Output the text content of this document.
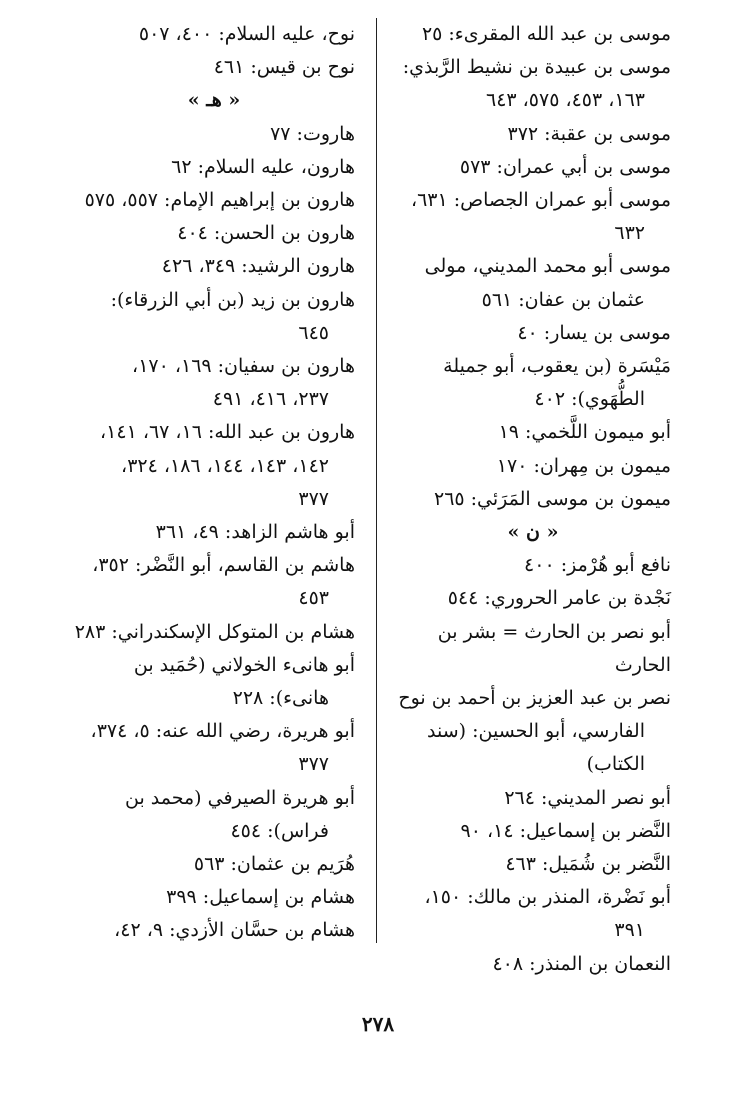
موسى بن عبد الله المقرىء: ٢٥
موسى بن عبيدة بن نشيط الرَّبذي:
١٦٣، ٤٥٣، ٥٧٥، ٦٤٣
موسى بن عقبة: ٣٧٢
موسى بن أبي عمران: ٥٧٣
موسى أبو عمران الجصاص: ٦٣١،
٦٣٢
موسى أبو محمد المديني، مولى
عثمان بن عفان: ٥٦١
موسى بن يسار: ٤٠
مَيْسَرة (بن يعقوب، أبو جميلة
الطُّهَوي): ٤٠٢
أبو ميمون اللَّخمي: ١٩
ميمون بن مِهران: ١٧٠
ميمون بن موسى المَرَئي: ٢٦٥
« ن »
نافع أبو هُرْمز: ٤٠٠
نَجْدة بن عامر الحروري: ٥٤٤
أبو نصر بن الحارث = بشر بن الحارث
نصر بن عبد العزيز بن أحمد بن نوح
الفارسي، أبو الحسين: (سند
الكتاب)
أبو نصر المديني: ٢٦٤
النَّضر بن إسماعيل: ١٤، ٩٠
النَّضر بن شُمَيل: ٤٦٣
أبو نَضْرة، المنذر بن مالك: ١٥٠،
٣٩١
النعمان بن المنذر: ٤٠٨
نوح، عليه السلام: ٤٠٠، ٥٠٧
نوح بن قيس: ٤٦١
« هـ »
هاروت: ٧٧
هارون، عليه السلام: ٦٢
هارون بن إبراهيم الإمام: ٥٥٧، ٥٧٥
هارون بن الحسن: ٤٠٤
هارون الرشيد: ٣٤٩، ٤٢٦
هارون بن زيد (بن أبي الزرقاء):
٦٤٥
هارون بن سفيان: ١٦٩، ١٧٠،
٢٣٧، ٤١٦، ٤٩١
هارون بن عبد الله: ١٦، ٦٧، ١٤١،
١٤٢، ١٤٣، ١٤٤، ١٨٦، ٣٢٤،
٣٧٧
أبو هاشم الزاهد: ٤٩، ٣٦١
هاشم بن القاسم، أبو النَّضْر: ٣٥٢،
٤٥٣
هشام بن المتوكل الإسكندراني: ٢٨٣
أبو هانىء الخولاني (حُمَيد بن
هانىء): ٢٢٨
أبو هريرة، رضي الله عنه: ٥، ٣٧٤،
٣٧٧
أبو هريرة الصيرفي (محمد بن
فراس): ٤٥٤
هُرَيم بن عثمان: ٥٦٣
هشام بن إسماعيل: ٣٩٩
هشام بن حسَّان الأزدي: ٩، ٤٢،
٢٧٨
